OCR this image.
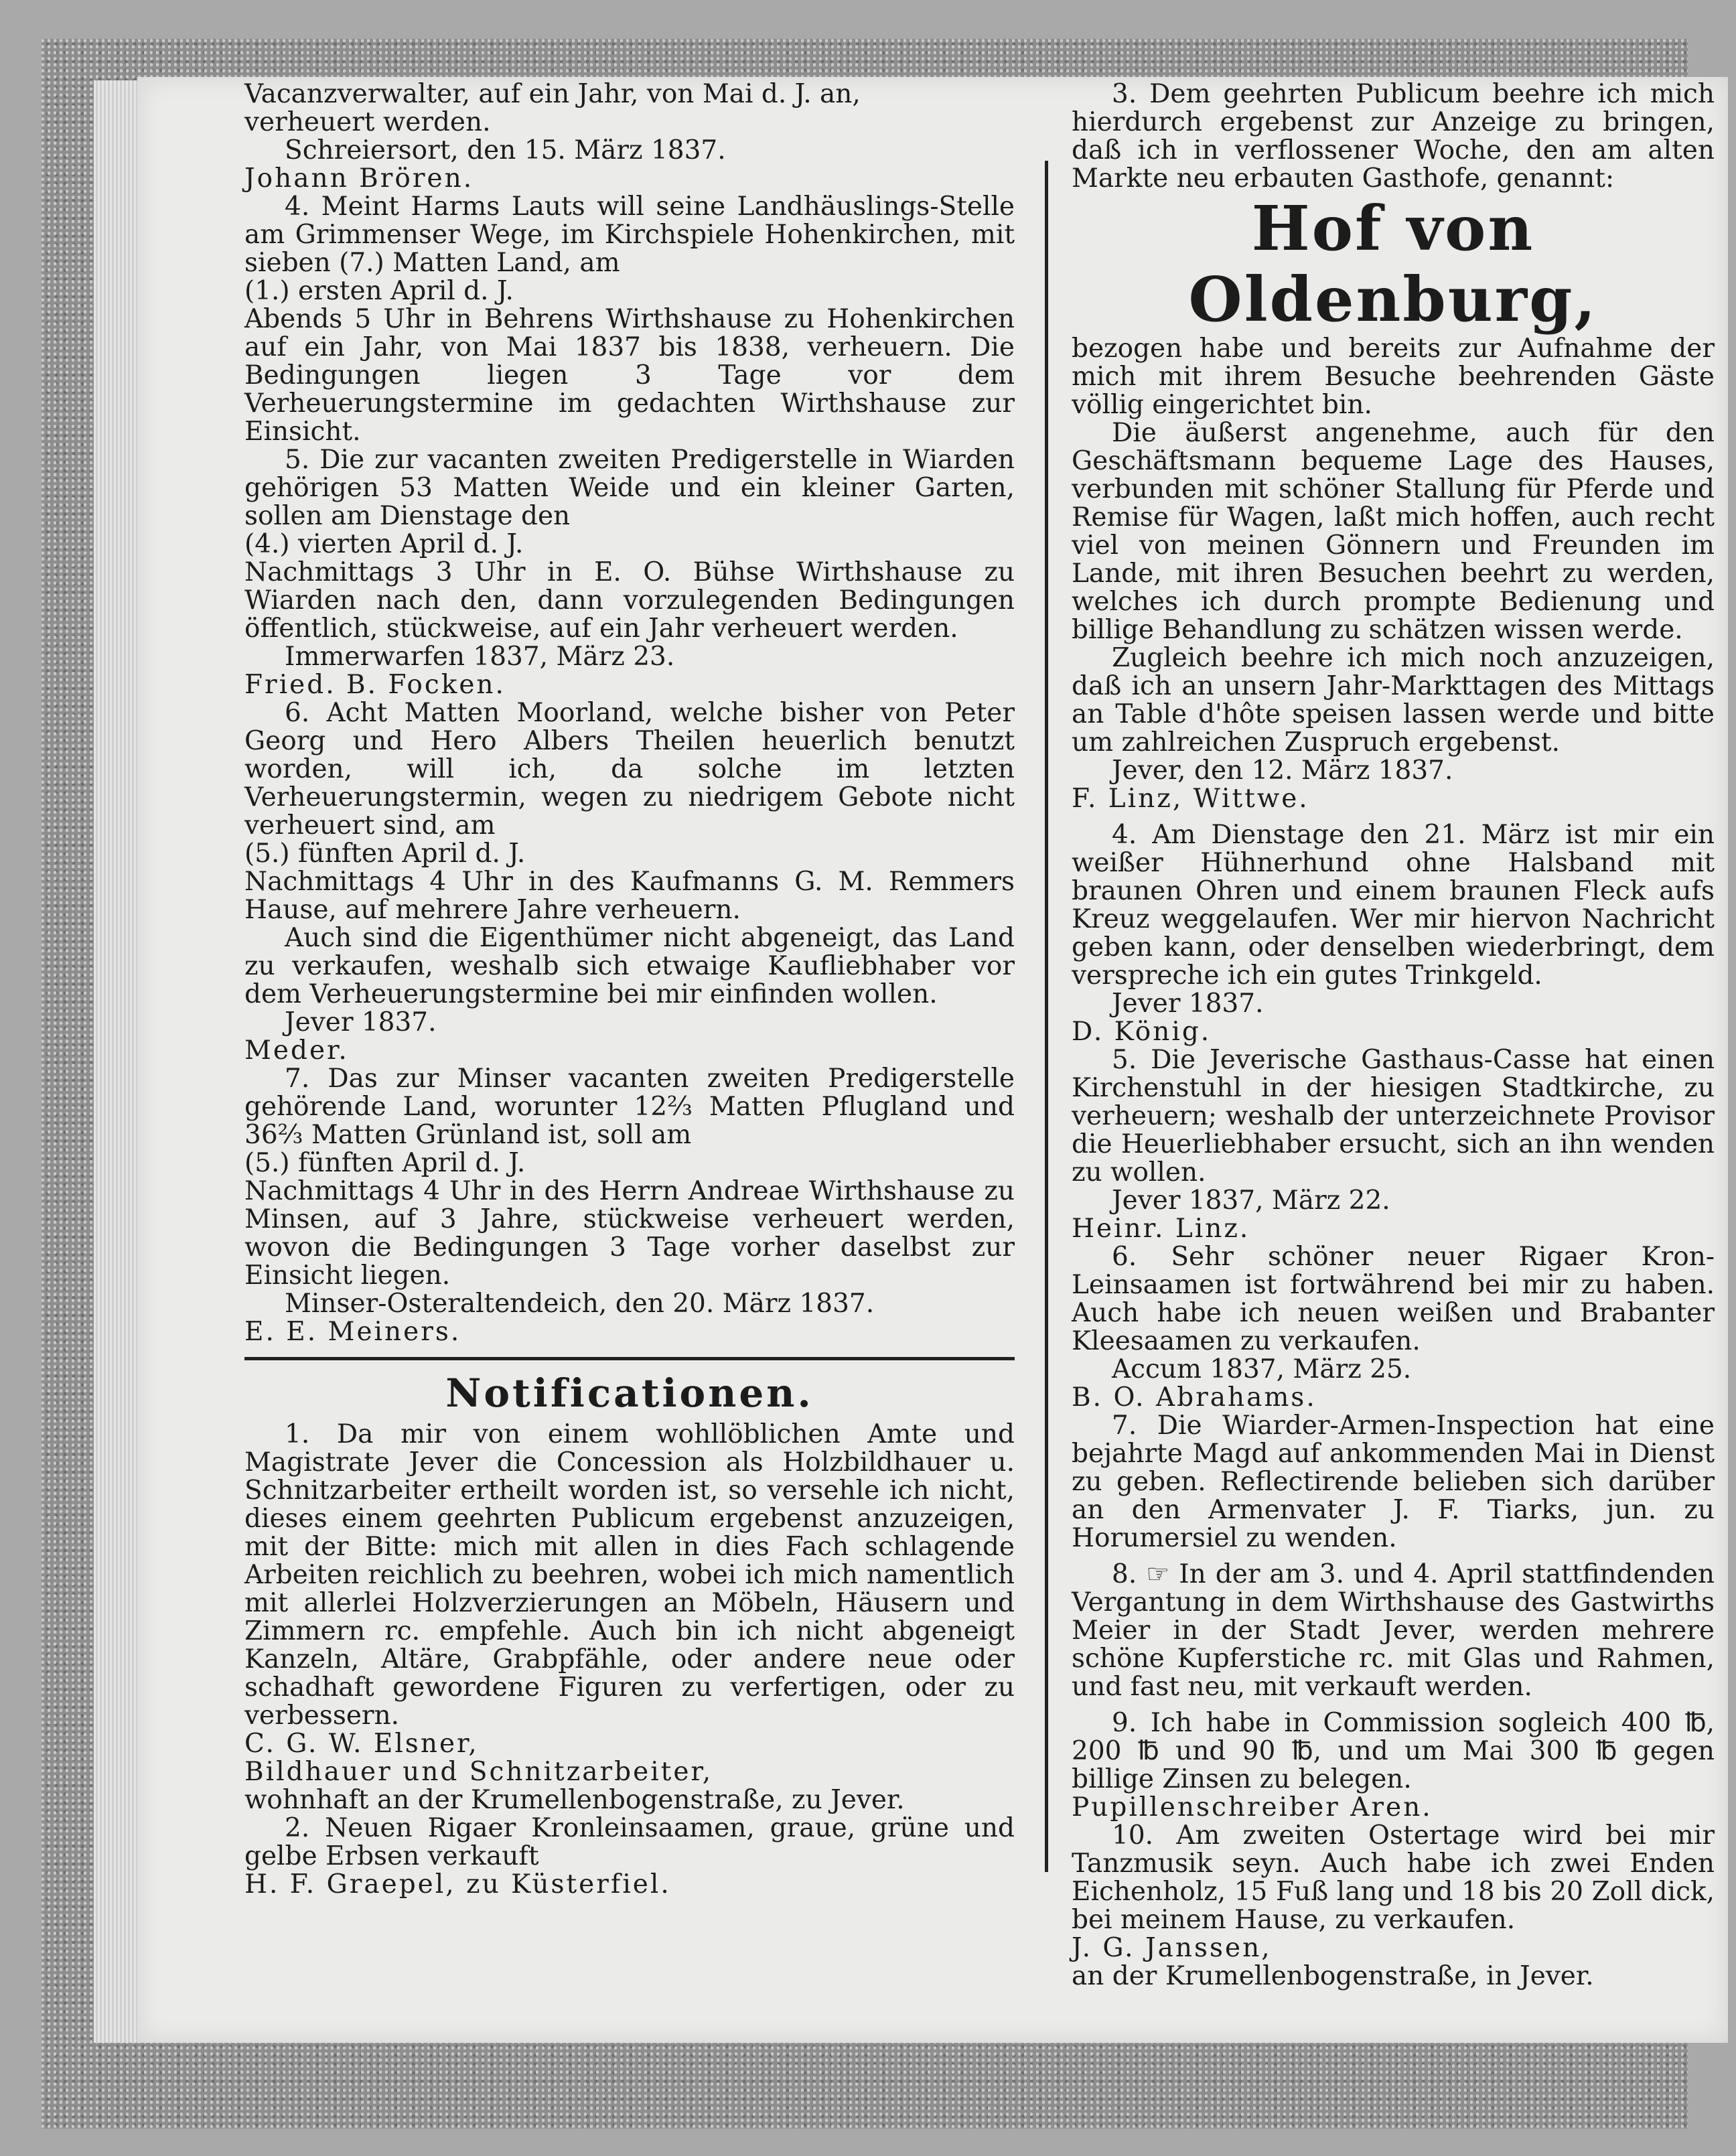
Vacanzverwalter, auf ein Jahr, von Mai d. J. an,

verheuert werden.

Schreiersort, den 15. März 1837.

Johann Brören.

4. Meint Harms Lauts will seine Landhäuslings-Stelle am Grimmenser Wege, im Kirchspiele Hohenkirchen, mit sieben (7.) Matten Land, am

(1.) ersten April d. J.

Abends 5 Uhr in Behrens Wirthshause zu Hohenkirchen auf ein Jahr, von Mai 1837 bis 1838, verheuern. Die Bedingungen liegen 3 Tage vor dem Verheuerungstermine im gedachten Wirthshause zur Einsicht.

5. Die zur vacanten zweiten Predigerstelle in Wiarden gehörigen 53 Matten Weide und ein kleiner Garten, sollen am Dienstage den

(4.) vierten April d. J.

Nachmittags 3 Uhr in E. O. Bühse Wirthshause zu Wiarden nach den, dann vorzulegenden Bedingungen öffentlich, stückweise, auf ein Jahr verheuert werden.

Immerwarfen 1837, März 23.

Fried. B. Focken.

6. Acht Matten Moorland, welche bisher von Peter Georg und Hero Albers Theilen heuerlich benutzt worden, will ich, da solche im letzten Verheuerungstermin, wegen zu niedrigem Gebote nicht verheuert sind, am

(5.) fünften April d. J.

Nachmittags 4 Uhr in des Kaufmanns G. M. Remmers Hause, auf mehrere Jahre verheuern.

Auch sind die Eigenthümer nicht abgeneigt, das Land zu verkaufen, weshalb sich etwaige Kaufliebhaber vor dem Verheuerungstermine bei mir einfinden wollen.

Jever 1837.

Meder.

7. Das zur Minser vacanten zweiten Predigerstelle gehörende Land, worunter 12⅔ Matten Pflugland und 36⅔ Matten Grünland ist, soll am

(5.) fünften April d. J.

Nachmittags 4 Uhr in des Herrn Andreae Wirthshause zu Minsen, auf 3 Jahre, stückweise verheuert werden, wovon die Bedingungen 3 Tage vorher daselbst zur Einsicht liegen.

Minser-Osteraltendeich, den 20. März 1837.

E. E. Meiners.

Notificationen.

1. Da mir von einem wohllöblichen Amte und Magistrate Jever die Concession als Holzbildhauer u. Schnitzarbeiter ertheilt worden ist, so versehle ich nicht, dieses einem geehrten Publicum ergebenst anzuzeigen, mit der Bitte: mich mit allen in dies Fach schlagende Arbeiten reichlich zu beehren, wobei ich mich namentlich mit allerlei Holzverzierungen an Möbeln, Häusern und Zimmern rc. empfehle. Auch bin ich nicht abgeneigt Kanzeln, Altäre, Grabpfähle, oder andere neue oder schadhaft gewordene Figuren zu verfertigen, oder zu verbessern.

C. G. W. Elsner,

Bildhauer und Schnitzarbeiter,

wohnhaft an der Krumellenbogenstraße, zu Jever.

2. Neuen Rigaer Kronleinsaamen, graue, grüne und gelbe Erbsen verkauft

H. F. Graepel, zu Küsterfiel.

3. Dem geehrten Publicum beehre ich mich hierdurch ergebenst zur Anzeige zu bringen, daß ich in verflossener Woche, den am alten Markte neu erbauten Gasthofe, genannt:

Hof von Oldenburg,

bezogen habe und bereits zur Aufnahme der mich mit ihrem Besuche beehrenden Gäste völlig eingerichtet bin.

Die äußerst angenehme, auch für den Geschäftsmann bequeme Lage des Hauses, verbunden mit schöner Stallung für Pferde und Remise für Wagen, laßt mich hoffen, auch recht viel von meinen Gönnern und Freunden im Lande, mit ihren Besuchen beehrt zu werden, welches ich durch prompte Bedienung und billige Behandlung zu schätzen wissen werde.

Zugleich beehre ich mich noch anzuzeigen, daß ich an unsern Jahr-Markttagen des Mittags an Table d'hôte speisen lassen werde und bitte um zahlreichen Zuspruch ergebenst.

Jever, den 12. März 1837.

F. Linz, Wittwe.

4. Am Dienstage den 21. März ist mir ein weißer Hühnerhund ohne Halsband mit braunen Ohren und einem braunen Fleck aufs Kreuz weggelaufen. Wer mir hiervon Nachricht geben kann, oder denselben wiederbringt, dem verspreche ich ein gutes Trinkgeld.

Jever 1837.

D. König.

5. Die Jeverische Gasthaus-Casse hat einen Kirchenstuhl in der hiesigen Stadtkirche, zu verheuern; weshalb der unterzeichnete Provisor die Heuerliebhaber ersucht, sich an ihn wenden zu wollen.

Jever 1837, März 22.

Heinr. Linz.

6. Sehr schöner neuer Rigaer Kron-Leinsaamen ist fortwährend bei mir zu haben. Auch habe ich neuen weißen und Brabanter Kleesaamen zu verkaufen.

Accum 1837, März 25.

B. O. Abrahams.

7. Die Wiarder-Armen-Inspection hat eine bejahrte Magd auf ankommenden Mai in Dienst zu geben. Reflectirende belieben sich darüber an den Armenvater J. F. Tiarks, jun. zu Horumersiel zu wenden.

8. ☞ In der am 3. und 4. April stattfindenden Vergantung in dem Wirthshause des Gastwirths Meier in der Stadt Jever, werden mehrere schöne Kupferstiche rc. mit Glas und Rahmen, und fast neu, mit verkauft werden.

9. Ich habe in Commission sogleich 400 ℔, 200 ℔ und 90 ℔, und um Mai 300 ℔ gegen billige Zinsen zu belegen.

Pupillenschreiber Aren.

10. Am zweiten Ostertage wird bei mir Tanzmusik seyn. Auch habe ich zwei Enden Eichenholz, 15 Fuß lang und 18 bis 20 Zoll dick, bei meinem Hause, zu verkaufen.

J. G. Janssen,

an der Krumellenbogenstraße, in Jever.
